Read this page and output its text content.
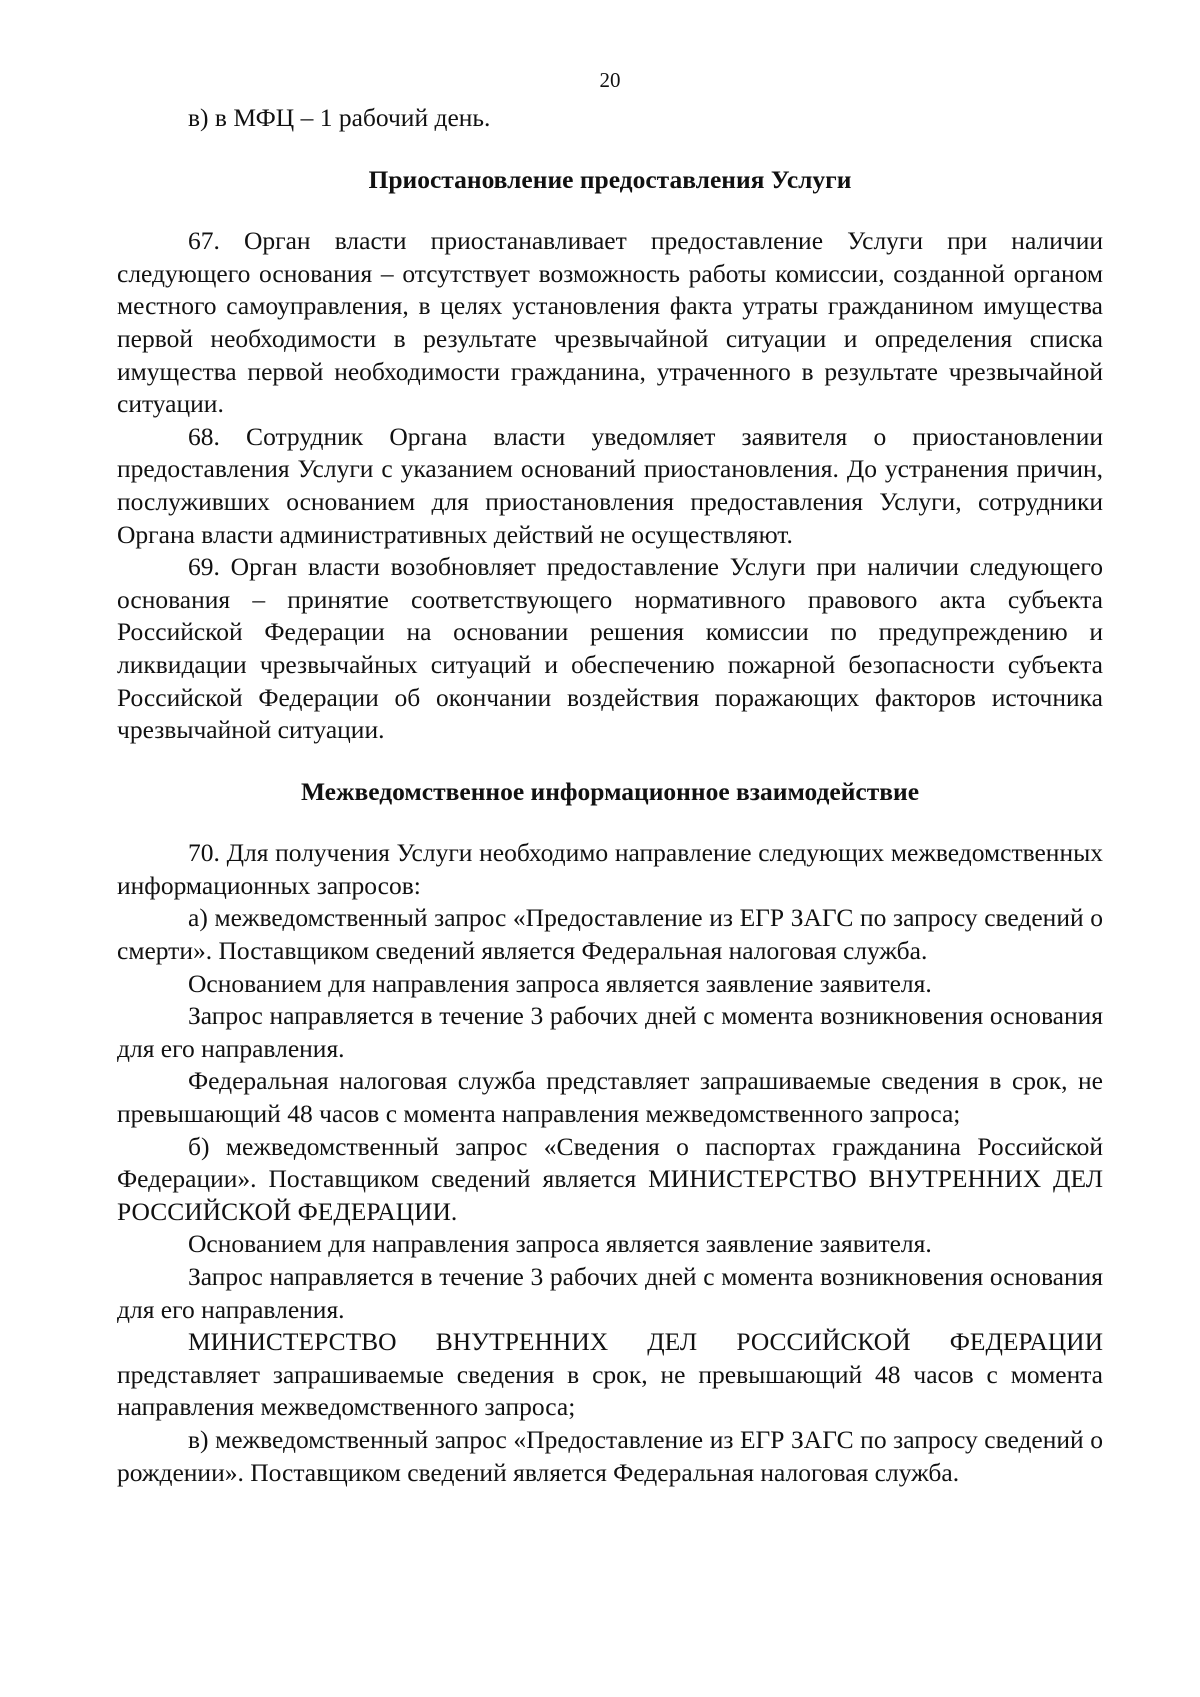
20

в) в МФЦ – 1 рабочий день.

Приостановление предоставления Услуги

67. Орган власти приостанавливает предоставление Услуги при наличии следующего основания – отсутствует возможность работы комиссии, созданной органом местного самоуправления, в целях установления факта утраты гражданином имущества первой необходимости в результате чрезвычайной ситуации и определения списка имущества первой необходимости гражданина, утраченного в результате чрезвычайной ситуации.

68. Сотрудник Органа власти уведомляет заявителя о приостановлении предоставления Услуги с указанием оснований приостановления. До устранения причин, послуживших основанием для приостановления предоставления Услуги, сотрудники Органа власти административных действий не осуществляют.

69. Орган власти возобновляет предоставление Услуги при наличии следующего основания – принятие соответствующего нормативного правового акта субъекта Российской Федерации на основании решения комиссии по предупреждению и ликвидации чрезвычайных ситуаций и обеспечению пожарной безопасности субъекта Российской Федерации об окончании воздействия поражающих факторов источника чрезвычайной ситуации.

Межведомственное информационное взаимодействие

70. Для получения Услуги необходимо направление следующих межведомственных информационных запросов:

а) межведомственный запрос «Предоставление из ЕГР ЗАГС по запросу сведений о смерти». Поставщиком сведений является Федеральная налоговая служба.

Основанием для направления запроса является заявление заявителя.

Запрос направляется в течение 3 рабочих дней с момента возникновения основания для его направления.

Федеральная налоговая служба представляет запрашиваемые сведения в срок, не превышающий 48 часов с момента направления межведомственного запроса;

б) межведомственный запрос «Сведения о паспортах гражданина Российской Федерации». Поставщиком сведений является МИНИСТЕРСТВО ВНУТРЕННИХ ДЕЛ РОССИЙСКОЙ ФЕДЕРАЦИИ.

Основанием для направления запроса является заявление заявителя.

Запрос направляется в течение 3 рабочих дней с момента возникновения основания для его направления.

МИНИСТЕРСТВО ВНУТРЕННИХ ДЕЛ РОССИЙСКОЙ ФЕДЕРАЦИИ представляет запрашиваемые сведения в срок, не превышающий 48 часов с момента направления межведомственного запроса;

в) межведомственный запрос «Предоставление из ЕГР ЗАГС по запросу сведений о рождении». Поставщиком сведений является Федеральная налоговая служба.
